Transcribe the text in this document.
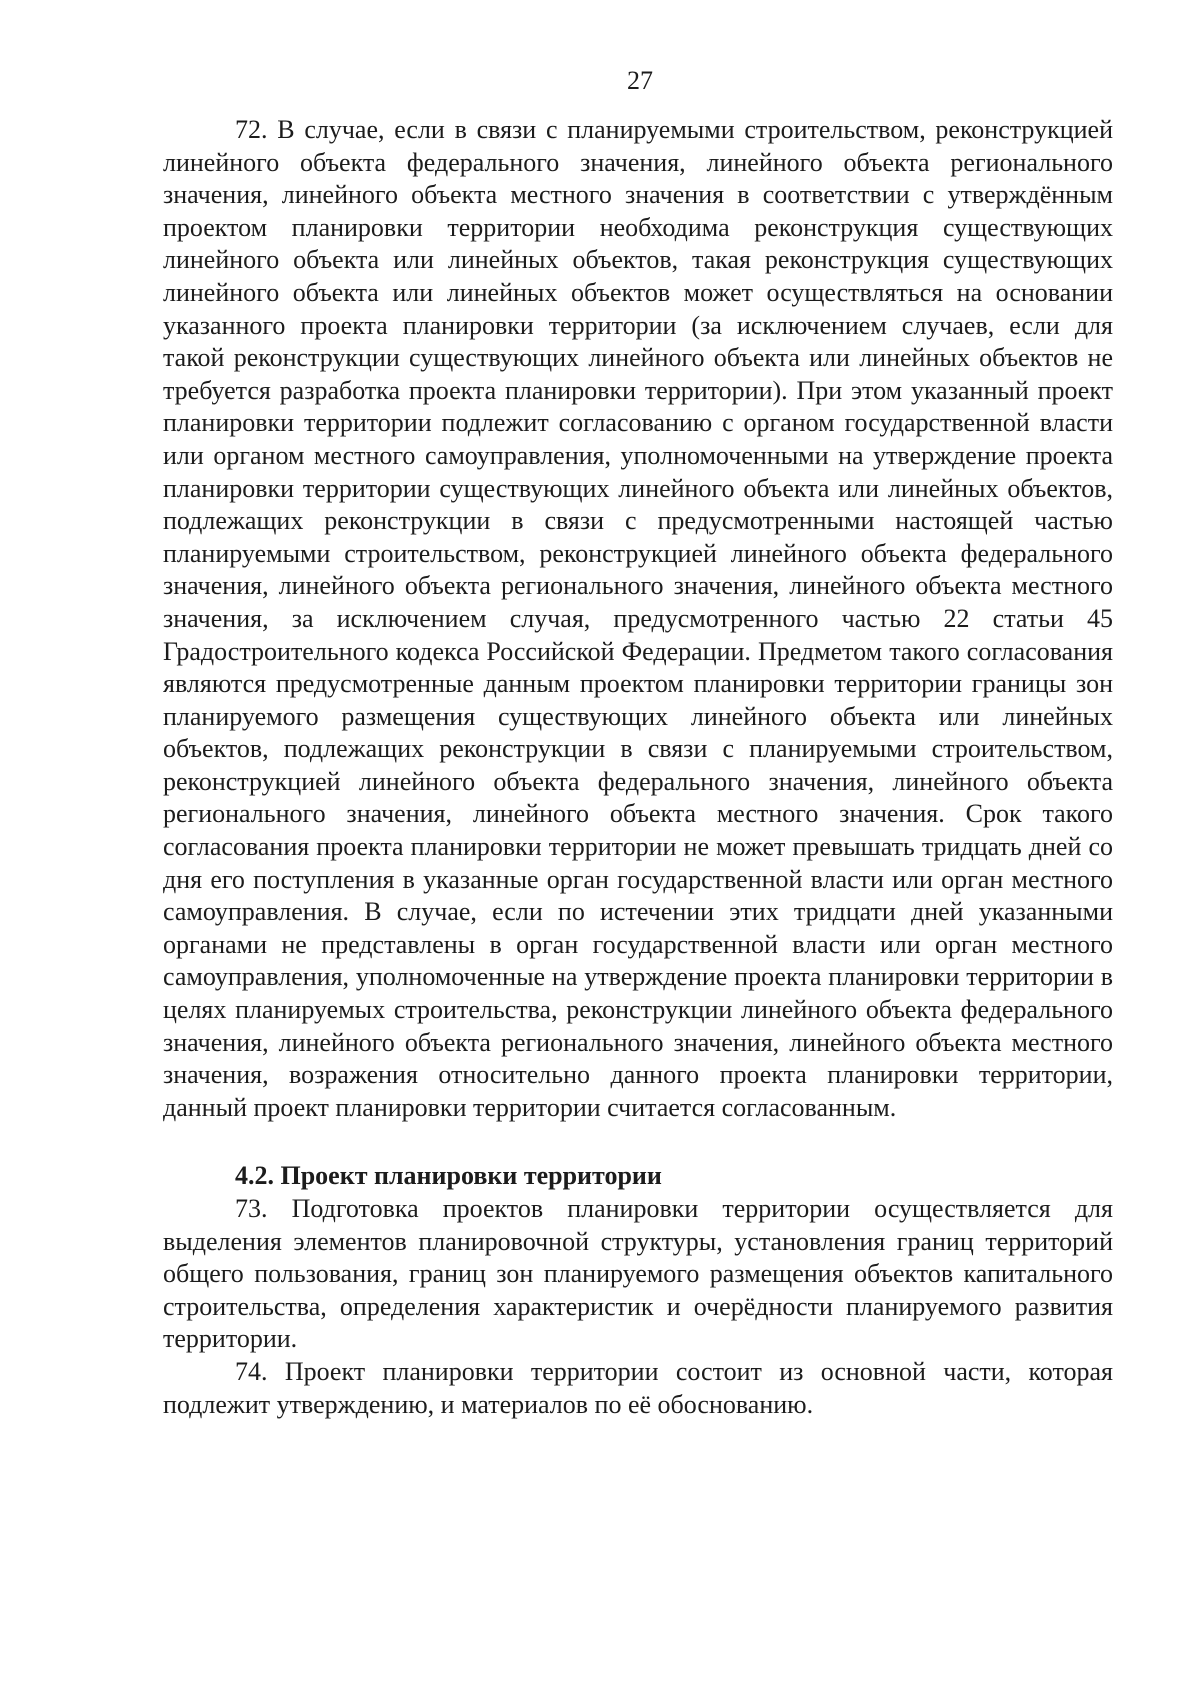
27

72. В случае, если в связи с планируемыми строительством, реконструкцией линейного объекта федерального значения, линейного объекта регионального значения, линейного объекта местного значения в соответствии с утверждённым проектом планировки территории необходима реконструкция существующих линейного объекта или линейных объектов, такая реконструкция существующих линейного объекта или линейных объектов может осуществляться на основании указанного проекта планировки территории (за исключением случаев, если для такой реконструкции существующих линейного объекта или линейных объектов не требуется разработка проекта планировки территории). При этом указанный проект планировки территории подлежит согласованию с органом государственной власти или органом местного самоуправления, уполномоченными на утверждение проекта планировки территории существующих линейного объекта или линейных объектов, подлежащих реконструкции в связи с предусмотренными настоящей частью планируемыми строительством, реконструкцией линейного объекта федерального значения, линейного объекта регионального значения, линейного объекта местного значения, за исключением случая, предусмотренного частью 22 статьи 45 Градостроительного кодекса Российской Федерации. Предметом такого согласования являются предусмотренные данным проектом планировки территории границы зон планируемого размещения существующих линейного объекта или линейных объектов, подлежащих реконструкции в связи с планируемыми строительством, реконструкцией линейного объекта федерального значения, линейного объекта регионального значения, линейного объекта местного значения. Срок такого согласования проекта планировки территории не может превышать тридцать дней со дня его поступления в указанные орган государственной власти или орган местного самоуправления. В случае, если по истечении этих тридцати дней указанными органами не представлены в орган государственной власти или орган местного самоуправления, уполномоченные на утверждение проекта планировки территории в целях планируемых строительства, реконструкции линейного объекта федерального значения, линейного объекта регионального значения, линейного объекта местного значения, возражения относительно данного проекта планировки территории, данный проект планировки территории считается согласованным.

4.2. Проект планировки территории

73. Подготовка проектов планировки территории осуществляется для выделения элементов планировочной структуры, установления границ территорий общего пользования, границ зон планируемого размещения объектов капитального строительства, определения характеристик и очерёдности планируемого развития территории.

74. Проект планировки территории состоит из основной части, которая подлежит утверждению, и материалов по её обоснованию.
